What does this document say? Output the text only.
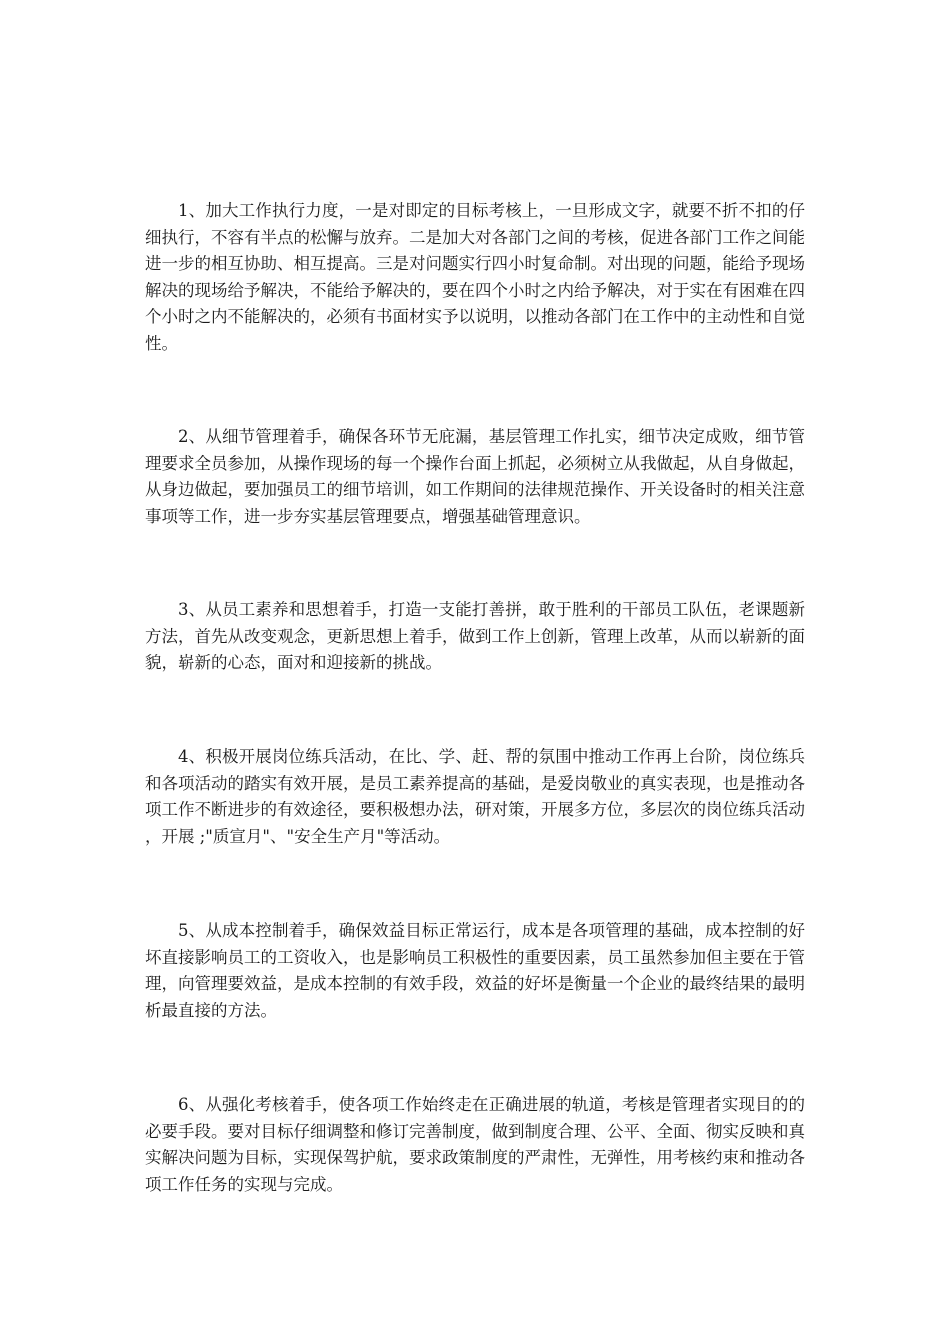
1、加大工作执行力度，一是对即定的目标考核上，一旦形成文字，就要不折不扣的仔细执行，不容有半点的松懈与放弃。二是加大对各部门之间的考核，促进各部门工作之间能进一步的相互协助、相互提高。三是对问题实行四小时复命制。对出现的问题，能给予现场解决的现场给予解决，不能给予解决的，要在四个小时之内给予解决，对于实在有困难在四个小时之内不能解决的，必须有书面材实予以说明，以推动各部门在工作中的主动性和自觉性。

2、从细节管理着手，确保各环节无庇漏，基层管理工作扎实，细节决定成败，细节管理要求全员参加，从操作现场的每一个操作台面上抓起，必须树立从我做起，从自身做起，从身边做起，要加强员工的细节培训，如工作期间的法律规范操作、开关设备时的相关注意事项等工作，进一步夯实基层管理要点，增强基础管理意识。

3、从员工素养和思想着手，打造一支能打善拼，敢于胜利的干部员工队伍，老课题新方法，首先从改变观念，更新思想上着手，做到工作上创新，管理上改革，从而以崭新的面貌，崭新的心态，面对和迎接新的挑战。

4、积极开展岗位练兵活动，在比、学、赶、帮的氛围中推动工作再上台阶，岗位练兵和各项活动的踏实有效开展，是员工素养提高的基础，是爱岗敬业的真实表现，也是推动各项工作不断进步的有效途径，要积极想办法，研对策，开展多方位，多层次的岗位练兵活动，开展 ;"质宣月"、"安全生产月"等活动。

5、从成本控制着手，确保效益目标正常运行，成本是各项管理的基础，成本控制的好坏直接影响员工的工资收入，也是影响员工积极性的重要因素，员工虽然参加但主要在于管理，向管理要效益，是成本控制的有效手段，效益的好坏是衡量一个企业的最终结果的最明析最直接的方法。

6、从强化考核着手，使各项工作始终走在正确进展的轨道，考核是管理者实现目的的必要手段。要对目标仔细调整和修订完善制度，做到制度合理、公平、全面、彻实反映和真实解决问题为目标，实现保驾护航，要求政策制度的严肃性，无弹性，用考核约束和推动各项工作任务的实现与完成。
